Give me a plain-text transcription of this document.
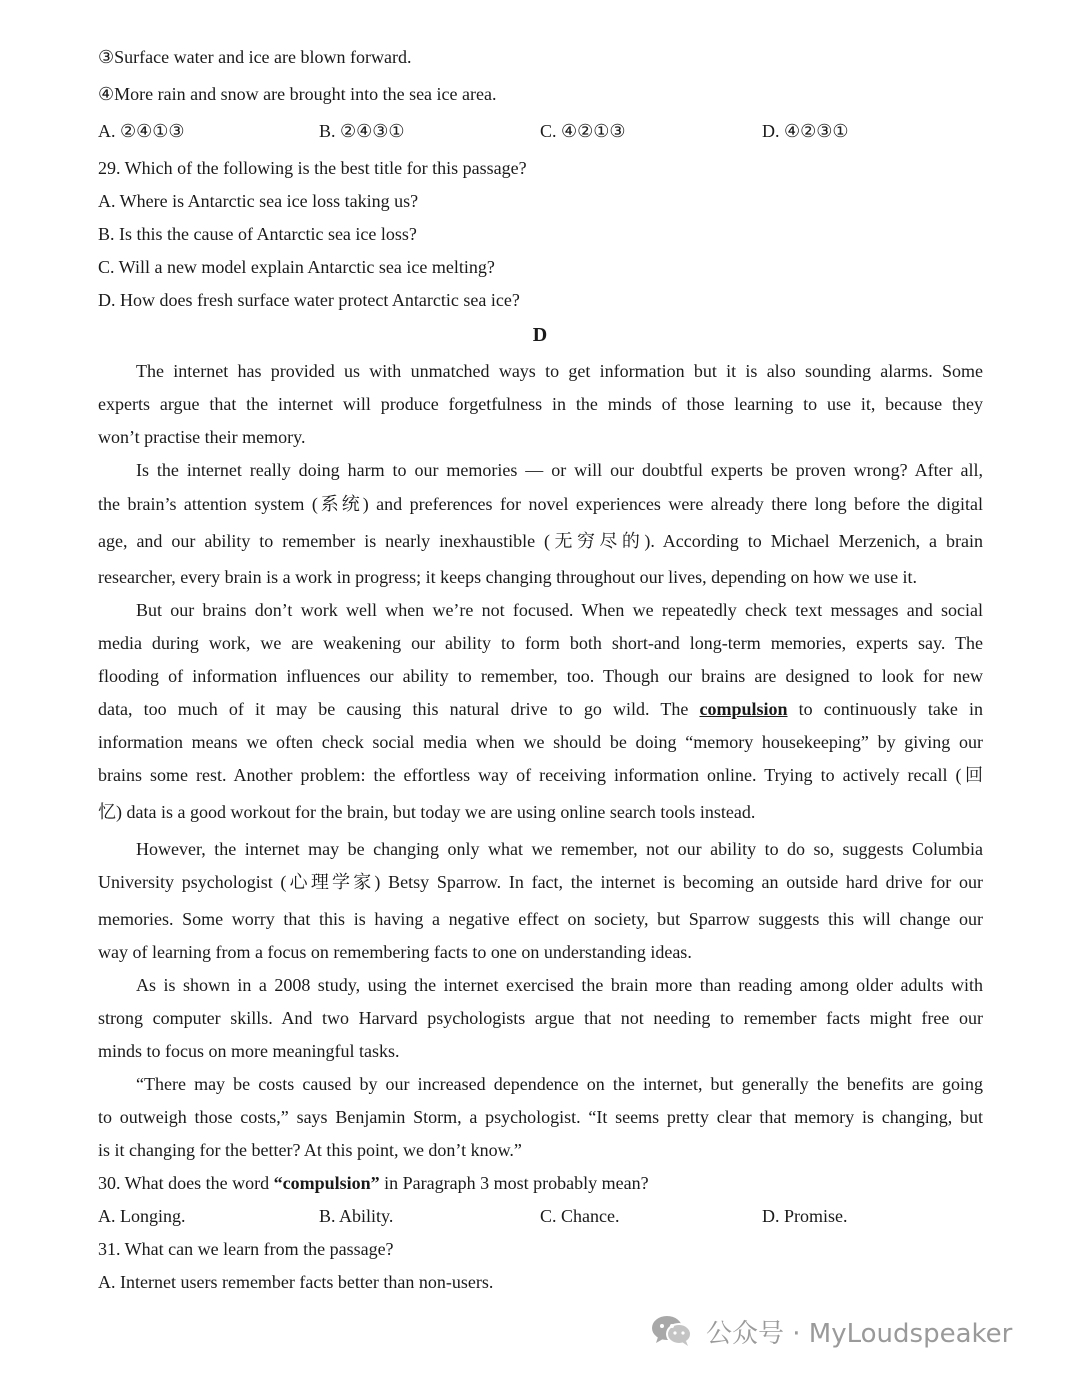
③Surface water and ice are blown forward.
④More rain and snow are brought into the sea ice area.
A. ②④①③	B. ②④③①	C. ④②①③	D. ④②③①
29. Which of the following is the best title for this passage?
A. Where is Antarctic sea ice loss taking us?
B. Is this the cause of Antarctic sea ice loss?
C. Will a new model explain Antarctic sea ice melting?
D. How does fresh surface water protect Antarctic sea ice?
D
The internet has provided us with unmatched ways to get information but it is also sounding alarms. Some
experts argue that the internet will produce forgetfulness in the minds of those learning to use it, because they
won’t practise their memory.
Is the internet really doing harm to our memories — or will our doubtful experts be proven wrong? After all,
the brain’s attention system (系统) and preferences for novel experiences were already there long before the digital
age, and our ability to remember is nearly inexhaustible (无穷尽的). According to Michael Merzenich, a brain
researcher, every brain is a work in progress; it keeps changing throughout our lives, depending on how we use it.
But our brains don’t work well when we’re not focused. When we repeatedly check text messages and social
media during work, we are weakening our ability to form both short-and long-term memories, experts say. The
flooding of information influences our ability to remember, too. Though our brains are designed to look for new
data, too much of it may be causing this natural drive to go wild. The compulsion to continuously take in
information means we often check social media when we should be doing “memory housekeeping” by giving our
brains some rest. Another problem: the effortless way of receiving information online. Trying to actively recall (回
忆) data is a good workout for the brain, but today we are using online search tools instead.
However, the internet may be changing only what we remember, not our ability to do so, suggests Columbia
University psychologist (心理学家) Betsy Sparrow. In fact, the internet is becoming an outside hard drive for our
memories. Some worry that this is having a negative effect on society, but Sparrow suggests this will change our
way of learning from a focus on remembering facts to one on understanding ideas.
As is shown in a 2008 study, using the internet exercised the brain more than reading among older adults with
strong computer skills. And two Harvard psychologists argue that not needing to remember facts might free our
minds to focus on more meaningful tasks.
“There may be costs caused by our increased dependence on the internet, but generally the benefits are going
to outweigh those costs,” says Benjamin Storm, a psychologist. “It seems pretty clear that memory is changing, but
is it changing for the better? At this point, we don’t know.”
30. What does the word “compulsion” in Paragraph 3 most probably mean?
A. Longing.	B. Ability.	C. Chance.	D. Promise.
31. What can we learn from the passage?
A. Internet users remember facts better than non-users.
公众号 · MyLoudspeaker
